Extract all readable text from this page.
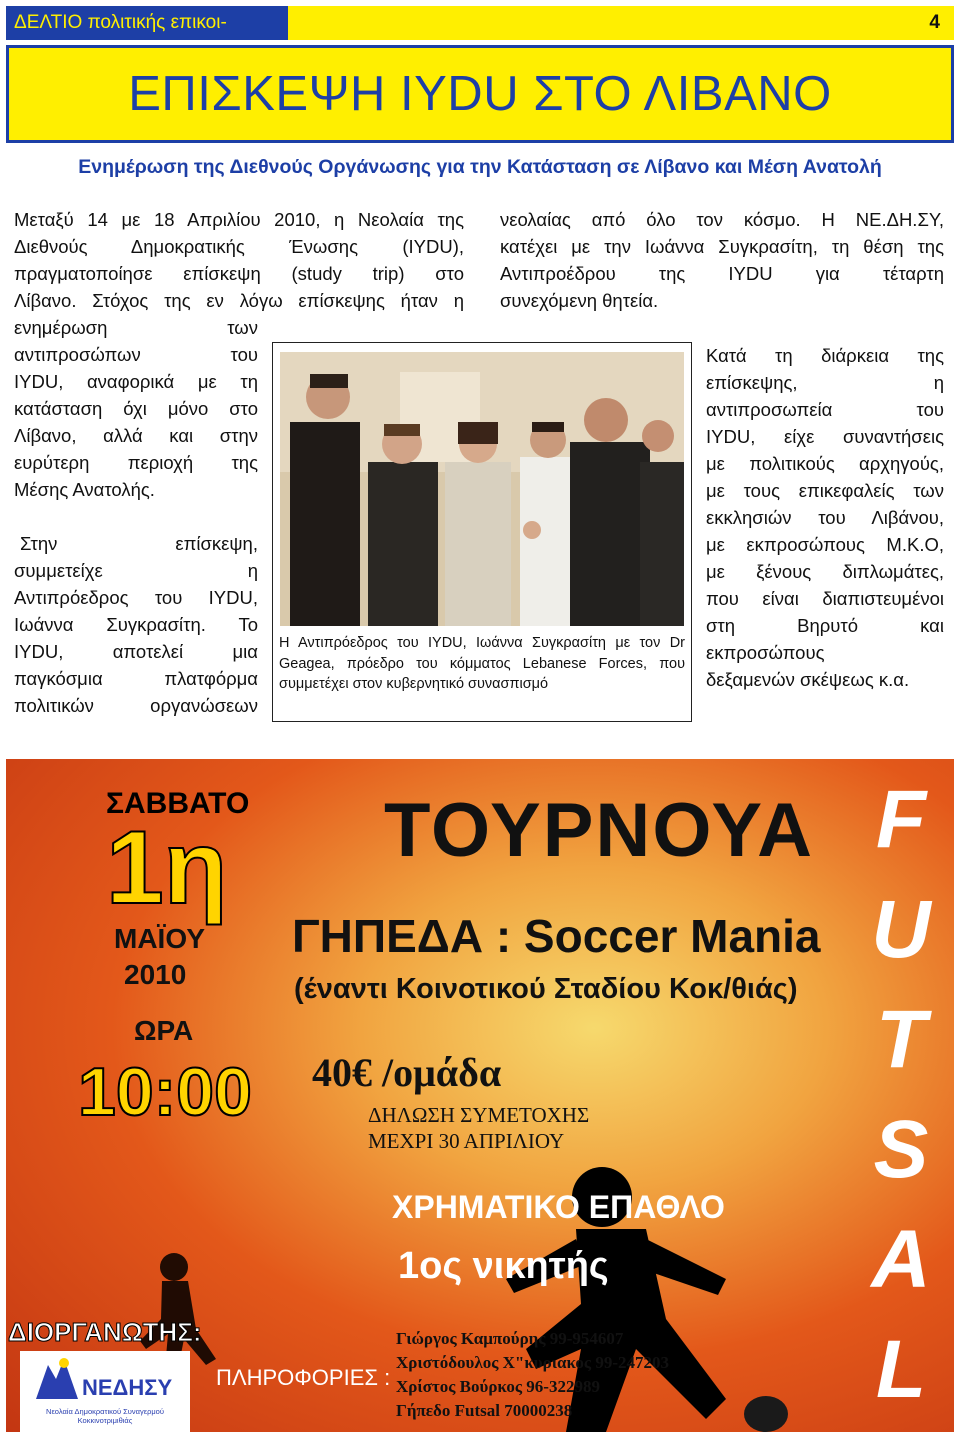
ΔΕΛΤΙΟ πολιτικής επικοι-	4
ΕΠΙΣΚΕΨΗ IYDU ΣΤΟ ΛΙΒΑΝΟ
Ενημέρωση της Διεθνούς Οργάνωσης για την Κατάσταση σε Λίβανο και Μέση Ανατολή
Μεταξύ 14 με 18 Απριλίου 2010, η Νεολαία της
Διεθνούς Δημοκρατικής Ένωσης (IYDU),
πραγματοποίησε επίσκεψη (study trip) στο
Λίβανο. Στόχος της εν λόγω επίσκεψης ήταν η
ενημέρωση των
αντιπροσώπων του
IYDU, αναφορικά με τη
κατάσταση όχι μόνο στο
Λίβανο, αλλά και στην
ευρύτερη περιοχή της
Μέσης Ανατολής.
Στην επίσκεψη,
συμμετείχε η
Αντιπρόεδρος του IYDU,
Ιωάννα Συγκρασίτη. Το
IYDU, αποτελεί μια
παγκόσμια πλατφόρμα
πολιτικών οργανώσεων
νεολαίας από όλο τον κόσμο. Η ΝΕ.ΔΗ.ΣΥ,
κατέχει με την Ιωάννα Συγκρασίτη, τη θέση της
Αντιπροέδρου της IYDU για τέταρτη
συνεχόμενη θητεία.
Κατά τη διάρκεια της
επίσκεψης, η
αντιπροσωπεία του
IYDU, είχε συναντήσεις
με πολιτικούς αρχηγούς,
με τους επικεφαλείς των
εκκλησιών του Λιβάνου,
με εκπροσώπους Μ.Κ.Ο,
με ξένους διπλωμάτες,
που είναι διαπιστευμένοι
στη Βηρυτό και
εκπροσώπους
δεξαμενών σκέψεως κ.α.
Η Αντιπρόεδρος του IYDU, Ιωάννα Συγκρασίτη με τον Dr Geagea, πρόεδρο του κόμματος Lebanese Forces, που συμμετέχει στον κυβερνητικό συνασπισμό
ΣΑΒΒΑΤΟ
1η
ΜΑΪΟΥ
2010
ΩΡΑ
10:00
ΤΟΥΡΝΟΥΑ
ΓΗΠΕΔΑ : Soccer Mania
(έναντι Κοινοτικού Σταδίου Κοκ/θιάς)
40€ /ομάδα
ΔΗΛΩΣΗ ΣΥΜΕΤΟΧΗΣ
ΜΕΧΡΙ 30 ΑΠΡΙΛΙΟΥ
ΧΡΗΜΑΤΙΚΟ ΕΠΑΘΛΟ
1ος νικητής
ΔΙΟΡΓΑΝΩΤΗΣ:
ΝΕΔΗΣΥ
Νεολαία Δημοκρατικού Συναγερμού Κοκκινοτριμιθιάς
ΠΛΗΡΟΦΟΡΙΕΣ :
Γιώργος Καμπούρης 99-954607
Χριστόδουλος Χ"κυριακος 99-247203
Χρίστος Βούρκος 96-322989
Γήπεδο Futsal 70000238
F
U
T
S
A
L
